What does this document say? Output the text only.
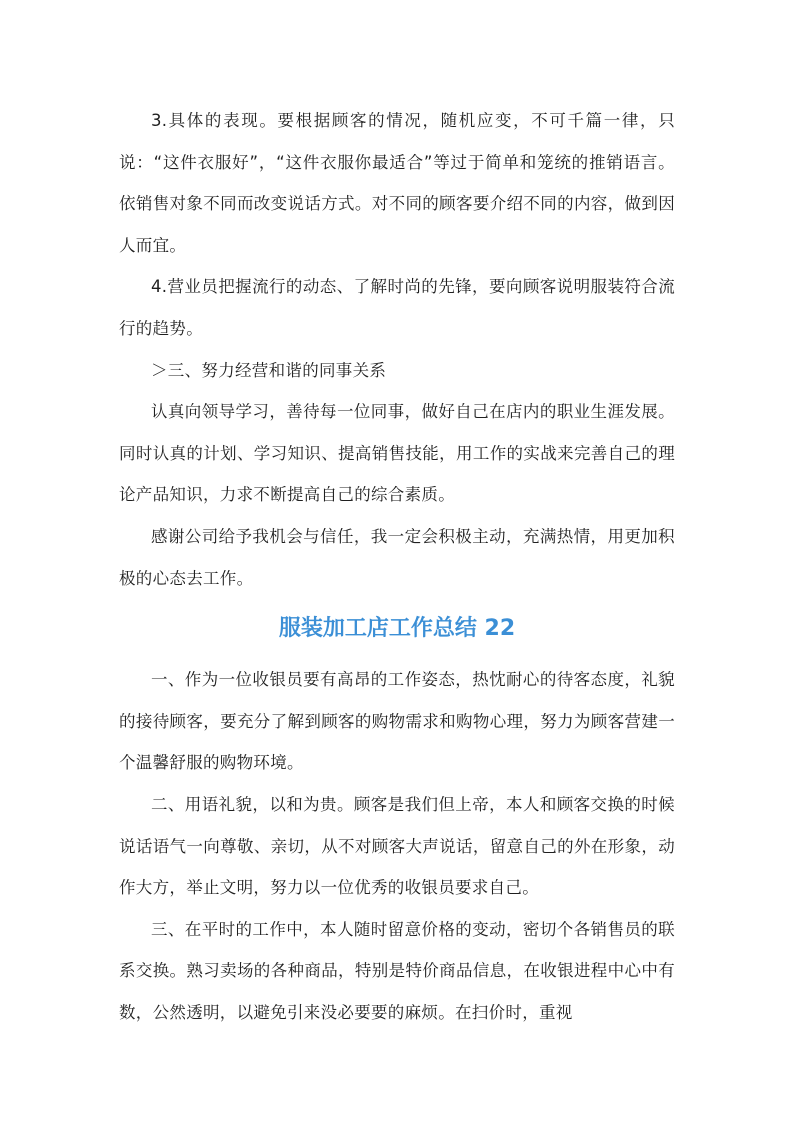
3.具体的表现。要根据顾客的情况，随机应变，不可千篇一律，只说：“这件衣服好”，“这件衣服你最适合”等过于简单和笼统的推销语言。依销售对象不同而改变说话方式。对不同的顾客要介绍不同的内容，做到因人而宜。

4.营业员把握流行的动态、了解时尚的先锋，要向顾客说明服装符合流行的趋势。

＞三、努力经营和谐的同事关系

认真向领导学习，善待每一位同事，做好自己在店内的职业生涯发展。同时认真的计划、学习知识、提高销售技能，用工作的实战来完善自己的理论产品知识，力求不断提高自己的综合素质。

感谢公司给予我机会与信任，我一定会积极主动，充满热情，用更加积极的心态去工作。

服装加工店工作总结 22

一、作为一位收银员要有高昂的工作姿态，热忱耐心的待客态度，礼貌的接待顾客，要充分了解到顾客的购物需求和购物心理，努力为顾客营建一个温馨舒服的购物环境。

二、用语礼貌，以和为贵。顾客是我们但上帝，本人和顾客交换的时候说话语气一向尊敬、亲切，从不对顾客大声说话，留意自己的外在形象，动作大方，举止文明，努力以一位优秀的收银员要求自己。

三、在平时的工作中，本人随时留意价格的变动，密切个各销售员的联系交换。熟习卖场的各种商品，特别是特价商品信息，在收银进程中心中有数，公然透明，以避免引来没必要要的麻烦。在扫价时，重视
